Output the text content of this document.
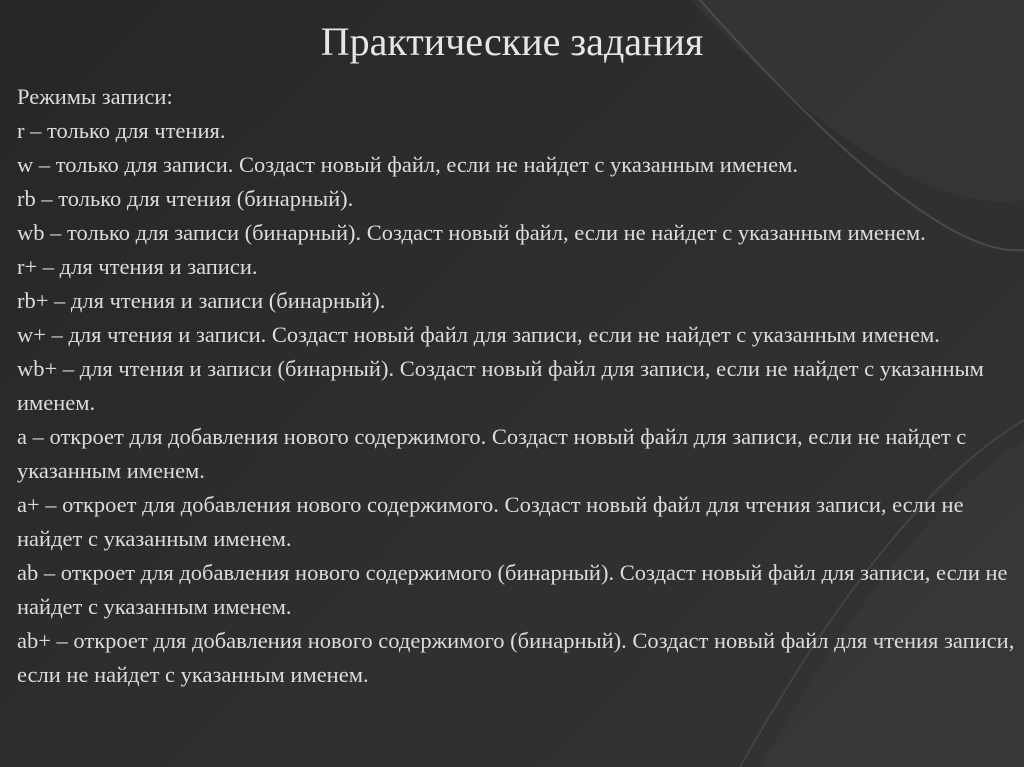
Практические задания
Режимы записи:
r – только для чтения.
w – только для записи. Создаст новый файл, если не найдет с указанным именем.
rb – только для чтения (бинарный).
wb – только для записи (бинарный). Создаст новый файл, если не найдет с указанным именем.
r+ – для чтения и записи.
rb+ – для чтения и записи (бинарный).
w+ – для чтения и записи. Создаст новый файл для записи, если не найдет с указанным именем.
wb+ – для чтения и записи (бинарный). Создаст новый файл для записи, если не найдет с указанным именем.
a – откроет для добавления нового содержимого. Создаст новый файл для записи, если не найдет с указанным именем.
a+ – откроет для добавления нового содержимого. Создаст новый файл для чтения записи, если не найдет с указанным именем.
ab – откроет для добавления нового содержимого (бинарный). Создаст новый файл для записи, если не найдет с указанным именем.
ab+ – откроет для добавления нового содержимого (бинарный). Создаст новый файл для чтения записи, если не найдет с указанным именем.
